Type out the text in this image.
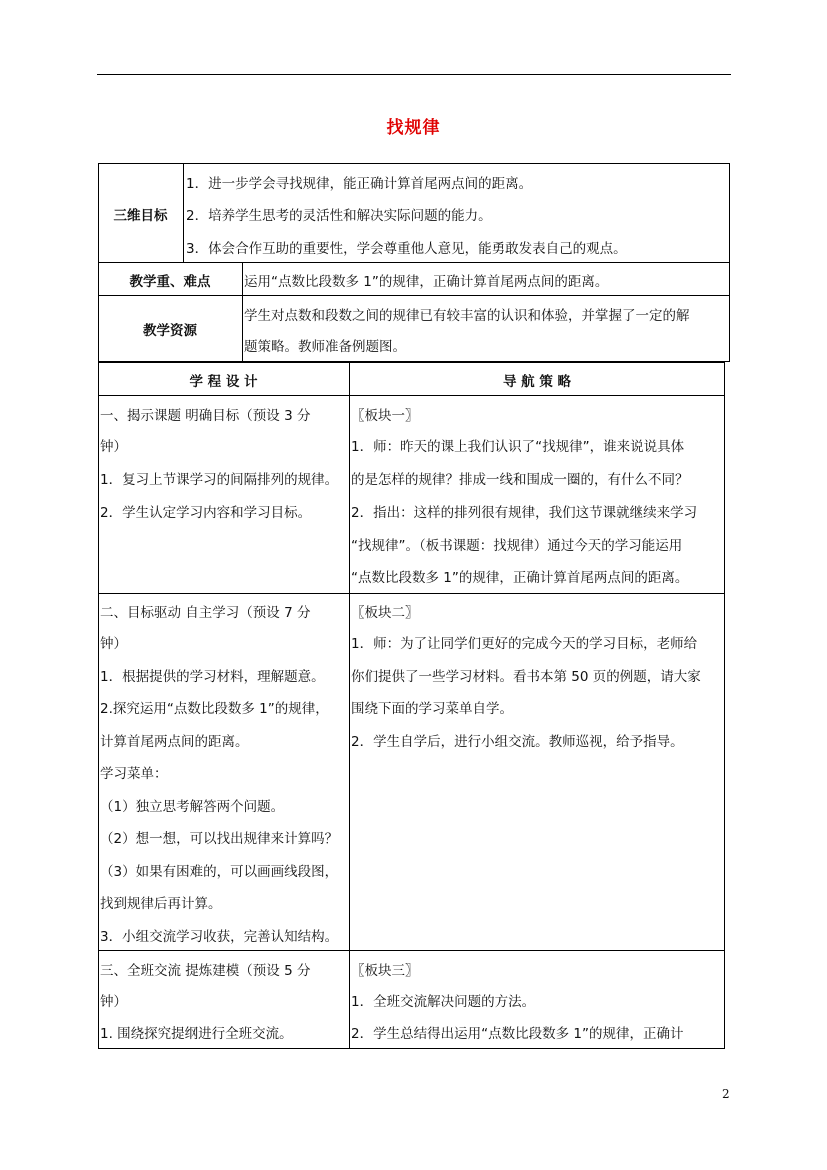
找规律
三维目标
1．进一步学会寻找规律，能正确计算首尾两点间的距离。
2．培养学生思考的灵活性和解决实际问题的能力。
3．体会合作互助的重要性，学会尊重他人意见，能勇敢发表自己的观点。
教学重、难点	运用“点数比段数多 1”的规律，正确计算首尾两点间的距离。
教学资源
学生对点数和段数之间的规律已有较丰富的认识和体验，并掌握了一定的解
题策略。教师准备例题图。
学 程 设 计	导 航 策 略
一、揭示课题 明确目标（预设 3 分
钟）
1．复习上节课学习的间隔排列的规律。
2．学生认定学习内容和学习目标。
〖板块一〗
1．师：昨天的课上我们认识了“找规律”，谁来说说具体
的是怎样的规律？排成一线和围成一圈的，有什么不同？
2．指出：这样的排列很有规律，我们这节课就继续来学习
“找规律”。（板书课题：找规律）通过今天的学习能运用
“点数比段数多 1”的规律，正确计算首尾两点间的距离。
二、目标驱动 自主学习（预设 7 分
钟）
1．根据提供的学习材料，理解题意。
2.探究运用“点数比段数多 1”的规律，
计算首尾两点间的距离。
学习菜单：
（1）独立思考解答两个问题。
（2）想一想，可以找出规律来计算吗？
（3）如果有困难的，可以画画线段图，
找到规律后再计算。
3．小组交流学习收获，完善认知结构。
〖板块二〗
1．师：为了让同学们更好的完成今天的学习目标，老师给
你们提供了一些学习材料。看书本第 50 页的例题，请大家
围绕下面的学习菜单自学。
2．学生自学后，进行小组交流。教师巡视，给予指导。
三、全班交流 提炼建模（预设 5 分
钟）
1. 围绕探究提纲进行全班交流。
〖板块三〗
1．全班交流解决问题的方法。
2．学生总结得出运用“点数比段数多 1”的规律，正确计
2
